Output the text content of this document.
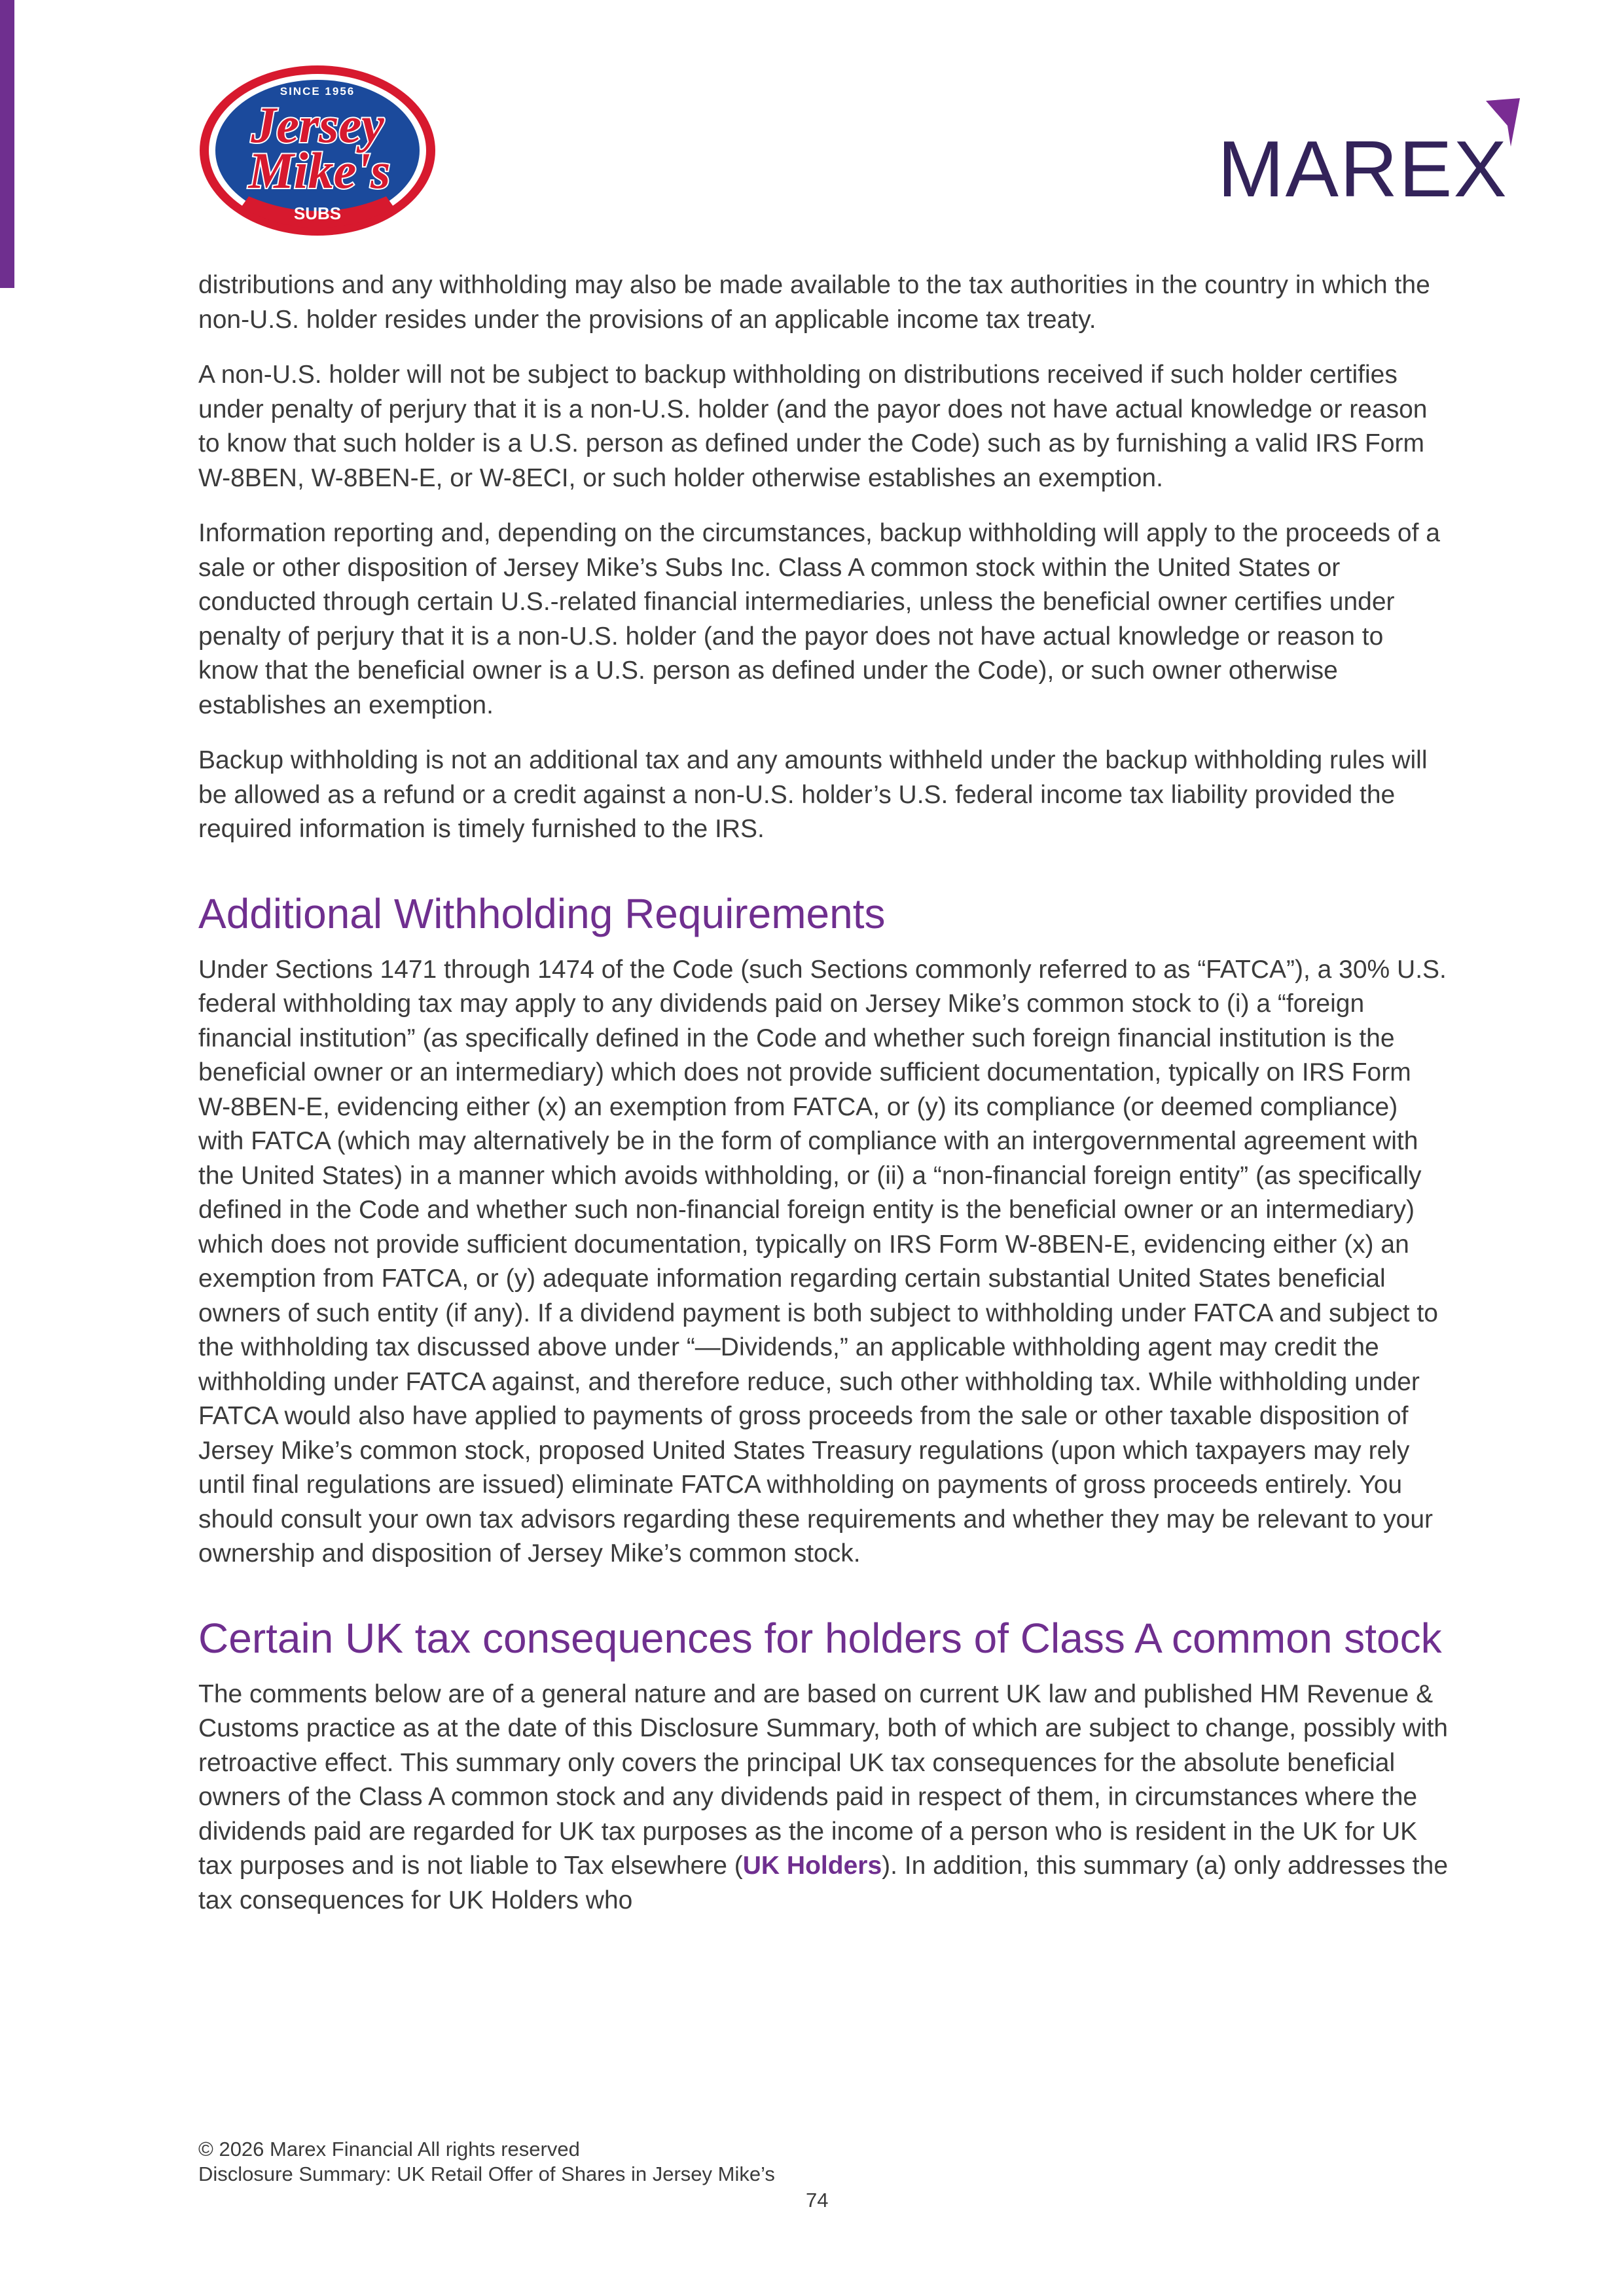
SINCE 1956
Jersey
Mike's
SUBS	MAREX

distributions and any withholding may also be made available to the tax authorities in the country in which the non-U.S. holder resides under the provisions of an applicable income tax treaty.

A non-U.S. holder will not be subject to backup withholding on distributions received if such holder certifies under penalty of perjury that it is a non-U.S. holder (and the payor does not have actual knowledge or reason to know that such holder is a U.S. person as defined under the Code) such as by furnishing a valid IRS Form W-8BEN, W-8BEN-E, or W-8ECI, or such holder otherwise establishes an exemption.

Information reporting and, depending on the circumstances, backup withholding will apply to the proceeds of a sale or other disposition of Jersey Mike’s Subs Inc. Class A common stock within the United States or conducted through certain U.S.-related financial intermediaries, unless the beneficial owner certifies under penalty of perjury that it is a non-U.S. holder (and the payor does not have actual knowledge or reason to know that the beneficial owner is a U.S. person as defined under the Code), or such owner otherwise establishes an exemption.

Backup withholding is not an additional tax and any amounts withheld under the backup withholding rules will be allowed as a refund or a credit against a non-U.S. holder’s U.S. federal income tax liability provided the required information is timely furnished to the IRS.

Additional Withholding Requirements

Under Sections 1471 through 1474 of the Code (such Sections commonly referred to as “FATCA”), a 30% U.S. federal withholding tax may apply to any dividends paid on Jersey Mike’s common stock to (i) a “foreign financial institution” (as specifically defined in the Code and whether such foreign financial institution is the beneficial owner or an intermediary) which does not provide sufficient documentation, typically on IRS Form W-8BEN-E, evidencing either (x) an exemption from FATCA, or (y) its compliance (or deemed compliance) with FATCA (which may alternatively be in the form of compliance with an intergovernmental agreement with the United States) in a manner which avoids withholding, or (ii) a “non-financial foreign entity” (as specifically defined in the Code and whether such non-financial foreign entity is the beneficial owner or an intermediary) which does not provide sufficient documentation, typically on IRS Form W-8BEN-E, evidencing either (x) an exemption from FATCA, or (y) adequate information regarding certain substantial United States beneficial owners of such entity (if any). If a dividend payment is both subject to withholding under FATCA and subject to the withholding tax discussed above under “—Dividends,” an applicable withholding agent may credit the withholding under FATCA against, and therefore reduce, such other withholding tax. While withholding under FATCA would also have applied to payments of gross proceeds from the sale or other taxable disposition of Jersey Mike’s common stock, proposed United States Treasury regulations (upon which taxpayers may rely until final regulations are issued) eliminate FATCA withholding on payments of gross proceeds entirely. You should consult your own tax advisors regarding these requirements and whether they may be relevant to your ownership and disposition of Jersey Mike’s common stock.

Certain UK tax consequences for holders of Class A common stock

The comments below are of a general nature and are based on current UK law and published HM Revenue & Customs practice as at the date of this Disclosure Summary, both of which are subject to change, possibly with retroactive effect. This summary only covers the principal UK tax consequences for the absolute beneficial owners of the Class A common stock and any dividends paid in respect of them, in circumstances where the dividends paid are regarded for UK tax purposes as the income of a person who is resident in the UK for UK tax purposes and is not liable to Tax elsewhere (UK Holders). In addition, this summary (a) only addresses the tax consequences for UK Holders who

© 2026 Marex Financial All rights reserved
Disclosure Summary: UK Retail Offer of Shares in Jersey Mike’s
74
